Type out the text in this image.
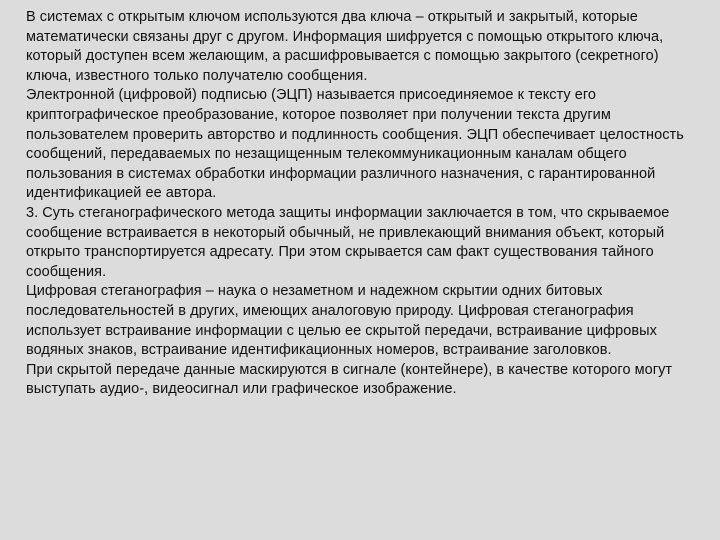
В системах с открытым ключом используются два ключа – открытый и закрытый, которые математически связаны друг с другом. Информация шифруется с помощью открытого ключа, который доступен всем желающим, а расшифровывается с помощью закрытого (секретного) ключа, известного только получателю сообщения.

Электронной (цифровой) подписью (ЭЦП) называется присоединяемое к тексту его криптографическое преобразование, которое позволяет при получении текста другим пользователем проверить авторство и подлинность сообщения. ЭЦП обеспечивает целостность сообщений, передаваемых по незащищенным телекоммуникационным каналам общего пользования в системах обработки информации различного назначения, с гарантированной идентификацией ее автора.

3. Суть стеганографического метода защиты информации заключается в том, что скрываемое сообщение встраивается в некоторый обычный, не привлекающий внимания объект, который открыто транспортируется адресату. При этом скрывается сам факт существования тайного сообщения.

Цифровая стеганография – наука о незаметном и надежном скрытии одних битовых последовательностей в других, имеющих аналоговую природу. Цифровая стеганография использует встраивание информации с целью ее скрытой передачи, встраивание цифровых водяных знаков, встраивание идентификационных номеров, встраивание заголовков.

При скрытой передаче данные маскируются в сигнале (контейнере), в качестве которого могут выступать аудио-, видеосигнал или графическое изображение.
